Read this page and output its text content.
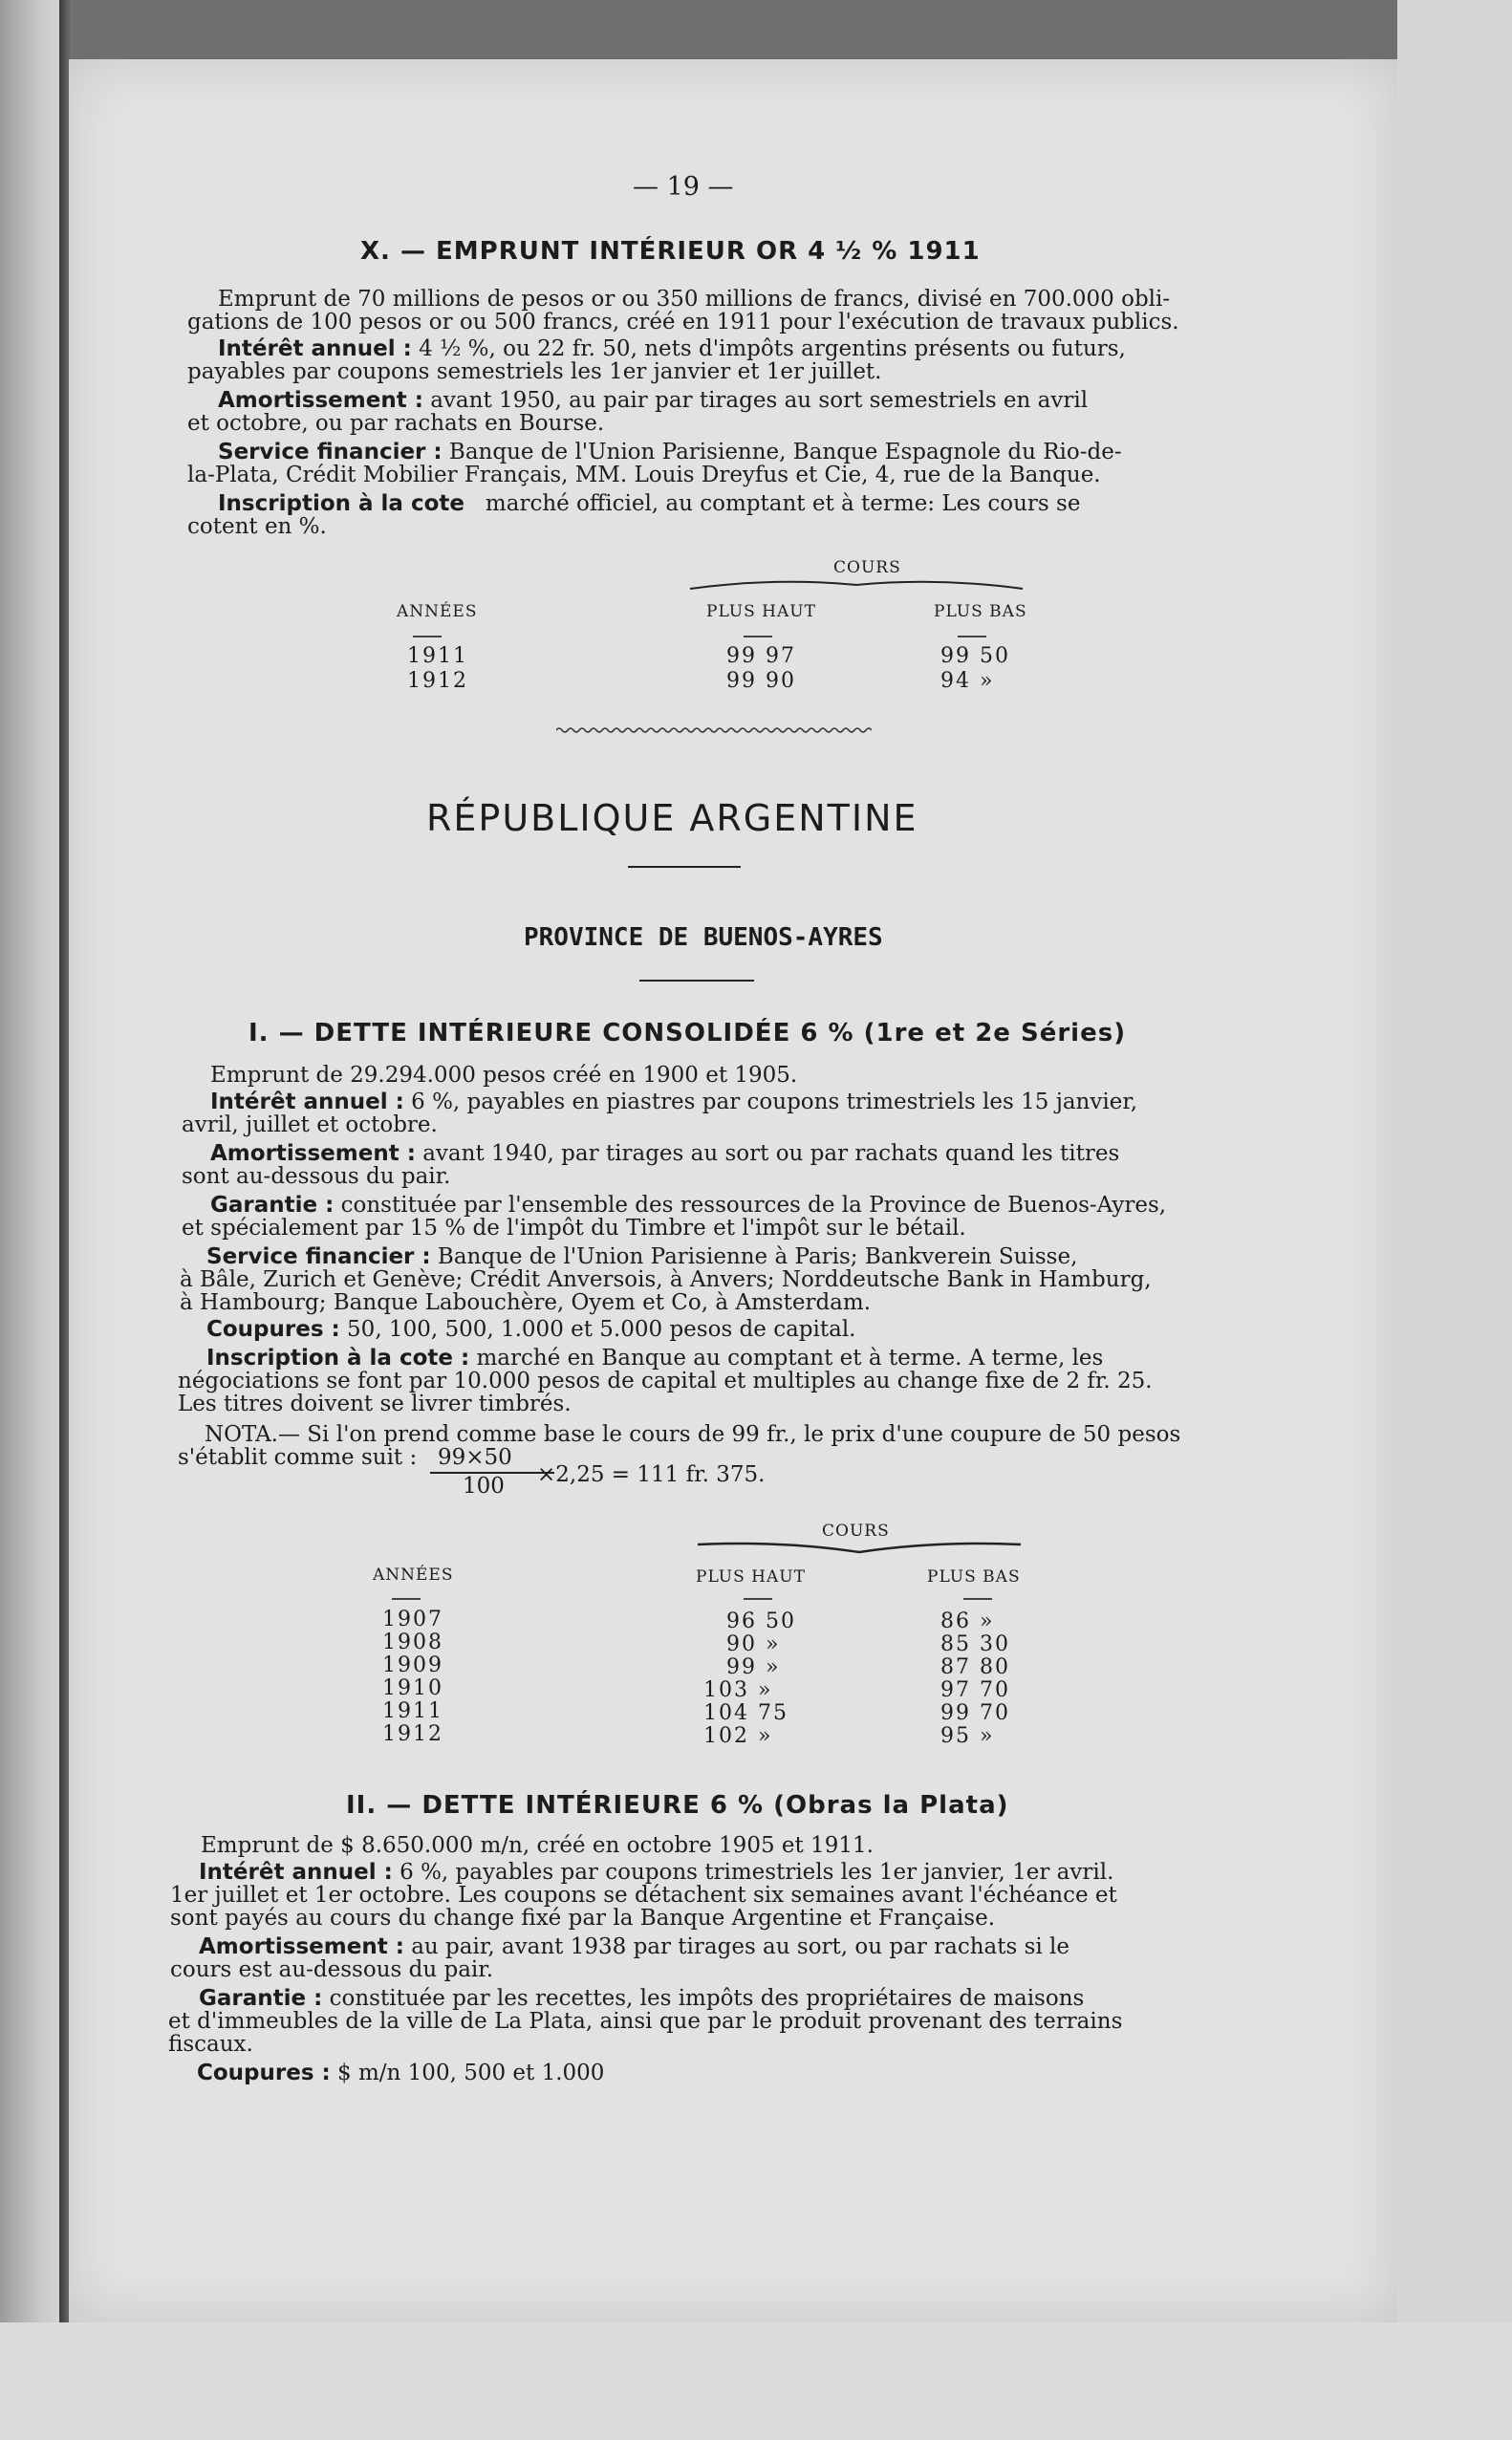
— 19 —
X. — EMPRUNT INTÉRIEUR OR 4 ½ % 1911
Emprunt de 70 millions de pesos or ou 350 millions de francs, divisé en 700.000 obli-
gations de 100 pesos or ou 500 francs, créé en 1911 pour l'exécution de travaux publics.
Intérêt annuel : 4 ½ %, ou 22 fr. 50, nets d'impôts argentins présents ou futurs,
payables par coupons semestriels les 1er janvier et 1er juillet.
Amortissement : avant 1950, au pair par tirages au sort semestriels en avril
et octobre, ou par rachats en Bourse.
Service financier : Banque de l'Union Parisienne, Banque Espagnole du Rio-de-
la-Plata, Crédit Mobilier Français, MM. Louis Dreyfus et Cie, 4, rue de la Banque.
Inscription à la cote marché officiel, au comptant et à terme: Les cours se
cotent en %.
COURS
ANNÉES	PLUS HAUT	PLUS BAS
1911	99 97	99 50
1912	99 90	94 »
RÉPUBLIQUE ARGENTINE
PROVINCE DE BUENOS-AYRES
I. — DETTE INTÉRIEURE CONSOLIDÉE 6 % (1re et 2e Séries)
Emprunt de 29.294.000 pesos créé en 1900 et 1905.
Intérêt annuel : 6 %, payables en piastres par coupons trimestriels les 15 janvier,
avril, juillet et octobre.
Amortissement : avant 1940, par tirages au sort ou par rachats quand les titres
sont au-dessous du pair.
Garantie : constituée par l'ensemble des ressources de la Province de Buenos-Ayres,
et spécialement par 15 % de l'impôt du Timbre et l'impôt sur le bétail.
Service financier : Banque de l'Union Parisienne à Paris; Bankverein Suisse,
à Bâle, Zurich et Genève; Crédit Anversois, à Anvers; Norddeutsche Bank in Hamburg,
à Hambourg; Banque Labouchère, Oyem et Co, à Amsterdam.
Coupures : 50, 100, 500, 1.000 et 5.000 pesos de capital.
Inscription à la cote : marché en Banque au comptant et à terme. A terme, les
négociations se font par 10.000 pesos de capital et multiples au change fixe de 2 fr. 25.
Les titres doivent se livrer timbrés.
NOTA.— Si l'on prend comme base le cours de 99 fr., le prix d'une coupure de 50 pesos
s'établit comme suit : 99×50
100 ×2,25 = 111 fr. 375.
COURS
ANNÉES	PLUS HAUT	PLUS BAS
1907	96 50	86 »
1908	90 »	85 30
1909	99 »	87 80
1910	103 »	97 70
1911	104 75	99 70
1912	102 »	95 »
II. — DETTE INTÉRIEURE 6 % (Obras la Plata)
Emprunt de $ 8.650.000 m/n, créé en octobre 1905 et 1911.
Intérêt annuel : 6 %, payables par coupons trimestriels les 1er janvier, 1er avril.
1er juillet et 1er octobre. Les coupons se détachent six semaines avant l'échéance et
sont payés au cours du change fixé par la Banque Argentine et Française.
Amortissement : au pair, avant 1938 par tirages au sort, ou par rachats si le
cours est au-dessous du pair.
Garantie : constituée par les recettes, les impôts des propriétaires de maisons
et d'immeubles de la ville de La Plata, ainsi que par le produit provenant des terrains
fiscaux.
Coupures : $ m/n 100, 500 et 1.000
